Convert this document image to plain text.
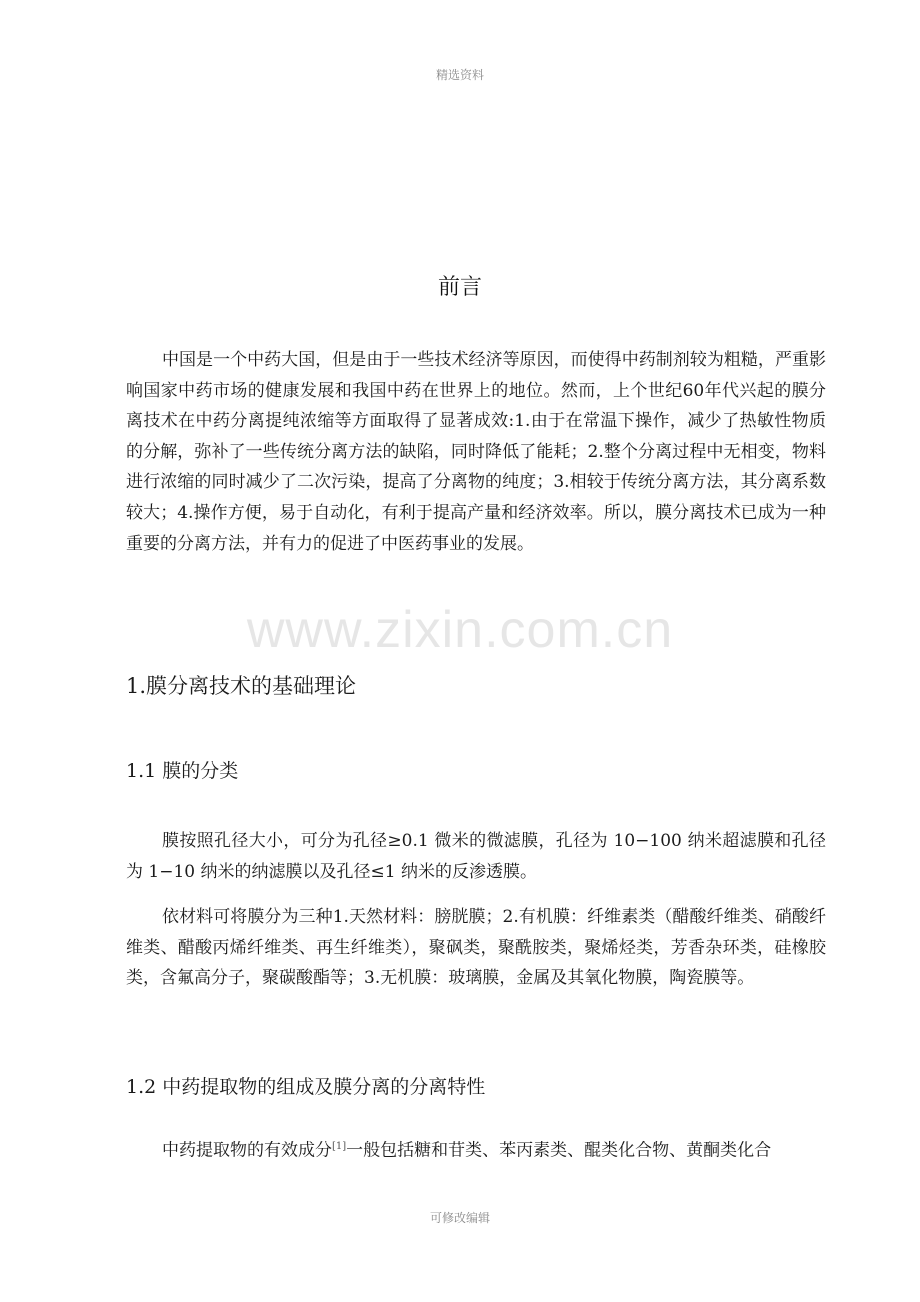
精选资料
www.zixin.com.cn
前言

中国是一个中药大国，但是由于一些技术经济等原因，而使得中药制剂较为粗糙，严重影响国家中药市场的健康发展和我国中药在世界上的地位。然而，上个世纪60年代兴起的膜分离技术在中药分离提纯浓缩等方面取得了显著成效:1.由于在常温下操作，减少了热敏性物质的分解，弥补了一些传统分离方法的缺陷，同时降低了能耗；2.整个分离过程中无相变，物料进行浓缩的同时减少了二次污染，提高了分离物的纯度；3.相较于传统分离方法，其分离系数较大；4.操作方便，易于自动化，有利于提高产量和经济效率。所以，膜分离技术已成为一种重要的分离方法，并有力的促进了中医药事业的发展。

1.膜分离技术的基础理论
1.1 膜的分类

膜按照孔径大小，可分为孔径≥0.1 微米的微滤膜，孔径为 10−100 纳米超滤膜和孔径为 1−10 纳米的纳滤膜以及孔径≤1 纳米的反渗透膜。

依材料可将膜分为三种1.天然材料：膀胱膜；2.有机膜：纤维素类（醋酸纤维类、硝酸纤维类、醋酸丙烯纤维类、再生纤维类），聚砜类，聚酰胺类，聚烯烃类，芳香杂环类，硅橡胶类，含氟高分子，聚碳酸酯等；3.无机膜：玻璃膜，金属及其氧化物膜，陶瓷膜等。

1.2 中药提取物的组成及膜分离的分离特性

中药提取物的有效成分[1]一般包括糖和苷类、苯丙素类、醌类化合物、黄酮类化合

可修改编辑
